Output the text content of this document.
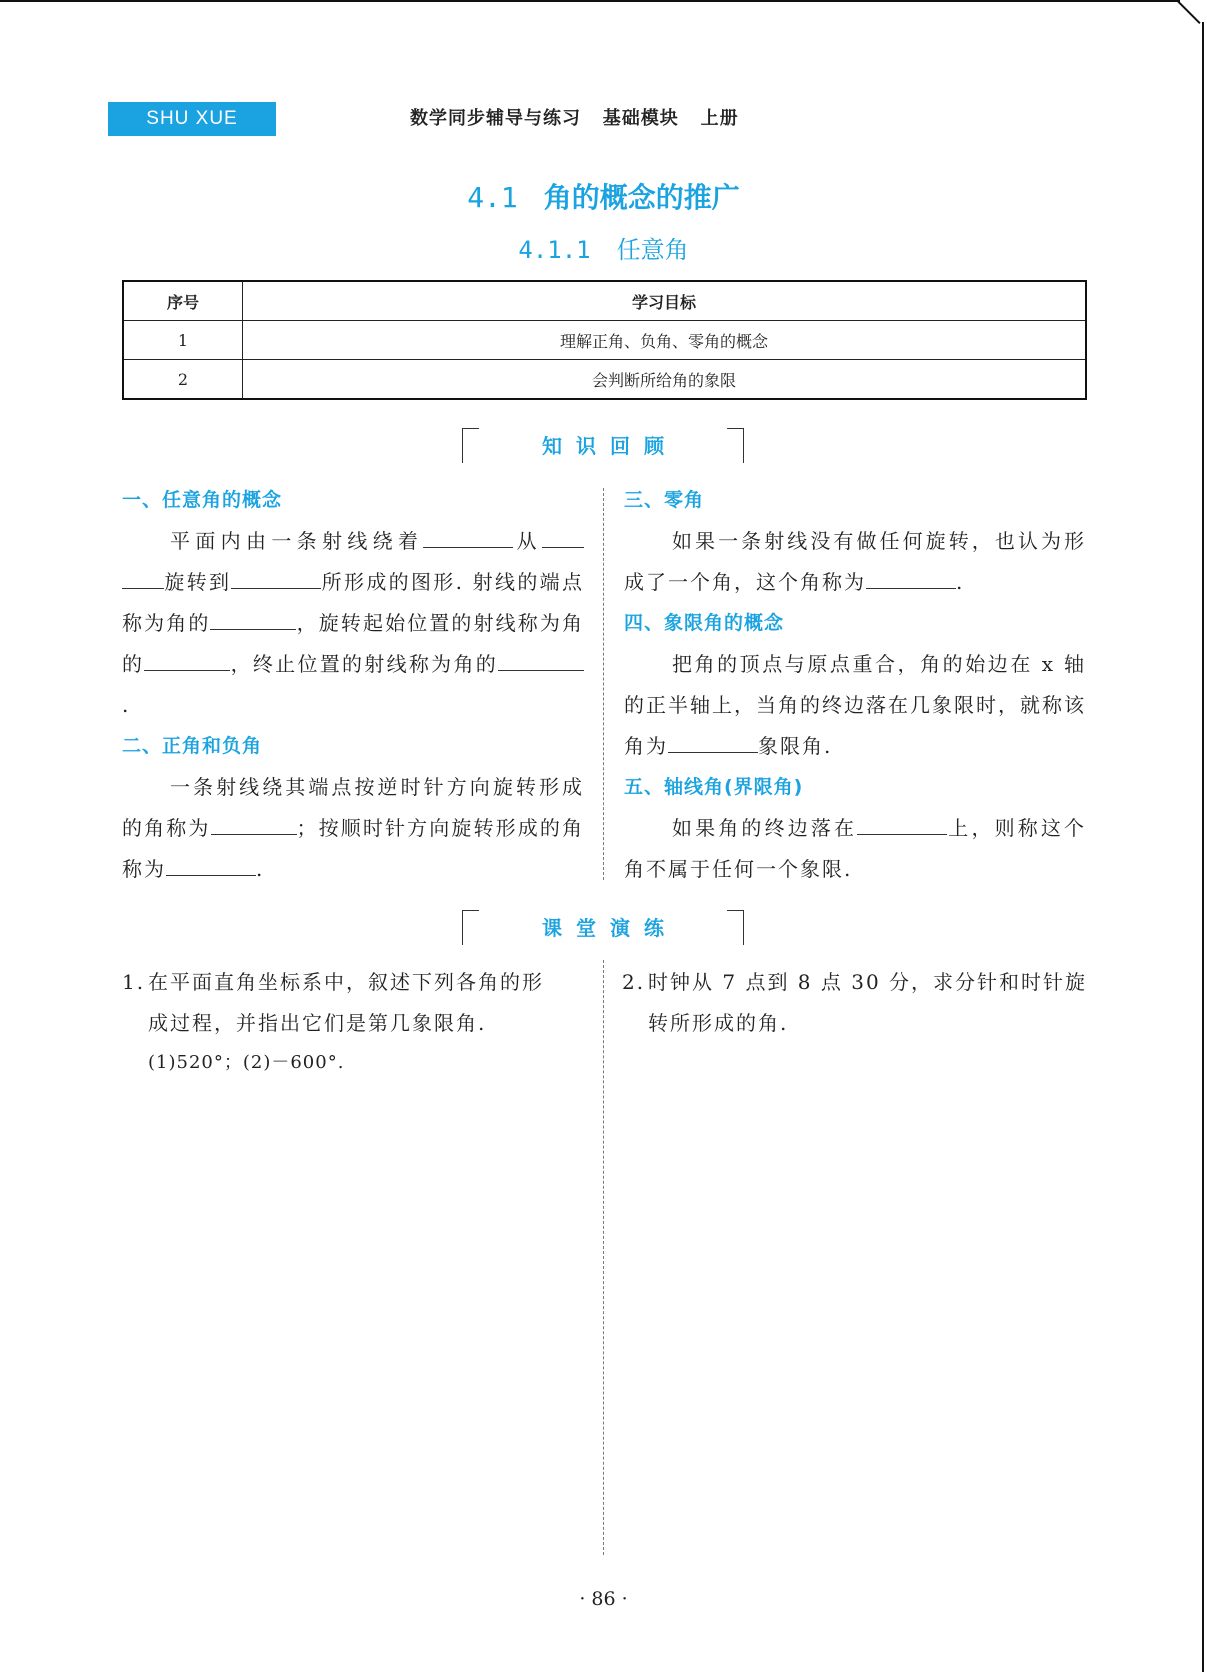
SHU XUE	数学同步辅导与练习   基础模块   上册
4.1 角的概念的推广
4.1.1 任意角
序号	学习目标
1	理解正角、负角、零角的概念
2	会判断所给角的象限
知识回顾
一、任意角的概念

平面内由一条射线绕着	从旋转到	所形成的图形. 射线的端点称为角的	，旋转起始位置的射线称为角的	，终止位置的射线称为角的.

二、正角和负角

一条射线绕其端点按逆时针方向旋转形成的角称为	；按顺时针方向旋转形成的角称为	.

三、零角

如果一条射线没有做任何旋转，也认为形成了一个角，这个角称为	.

四、象限角的概念

把角的顶点与原点重合，角的始边在 x 轴的正半轴上，当角的终边落在几象限时，就称该角为	象限角.

五、轴线角(界限角)

如果角的终边落在	上，则称这个角不属于任何一个象限.

课堂演练
1. 在平面直角坐标系中，叙述下列各角的形
成过程，并指出它们是第几象限角.
(1)520°；(2)－600°.
2. 时钟从 7 点到 8 点 30 分，求分针和时针旋
转所形成的角.
· 86 ·
